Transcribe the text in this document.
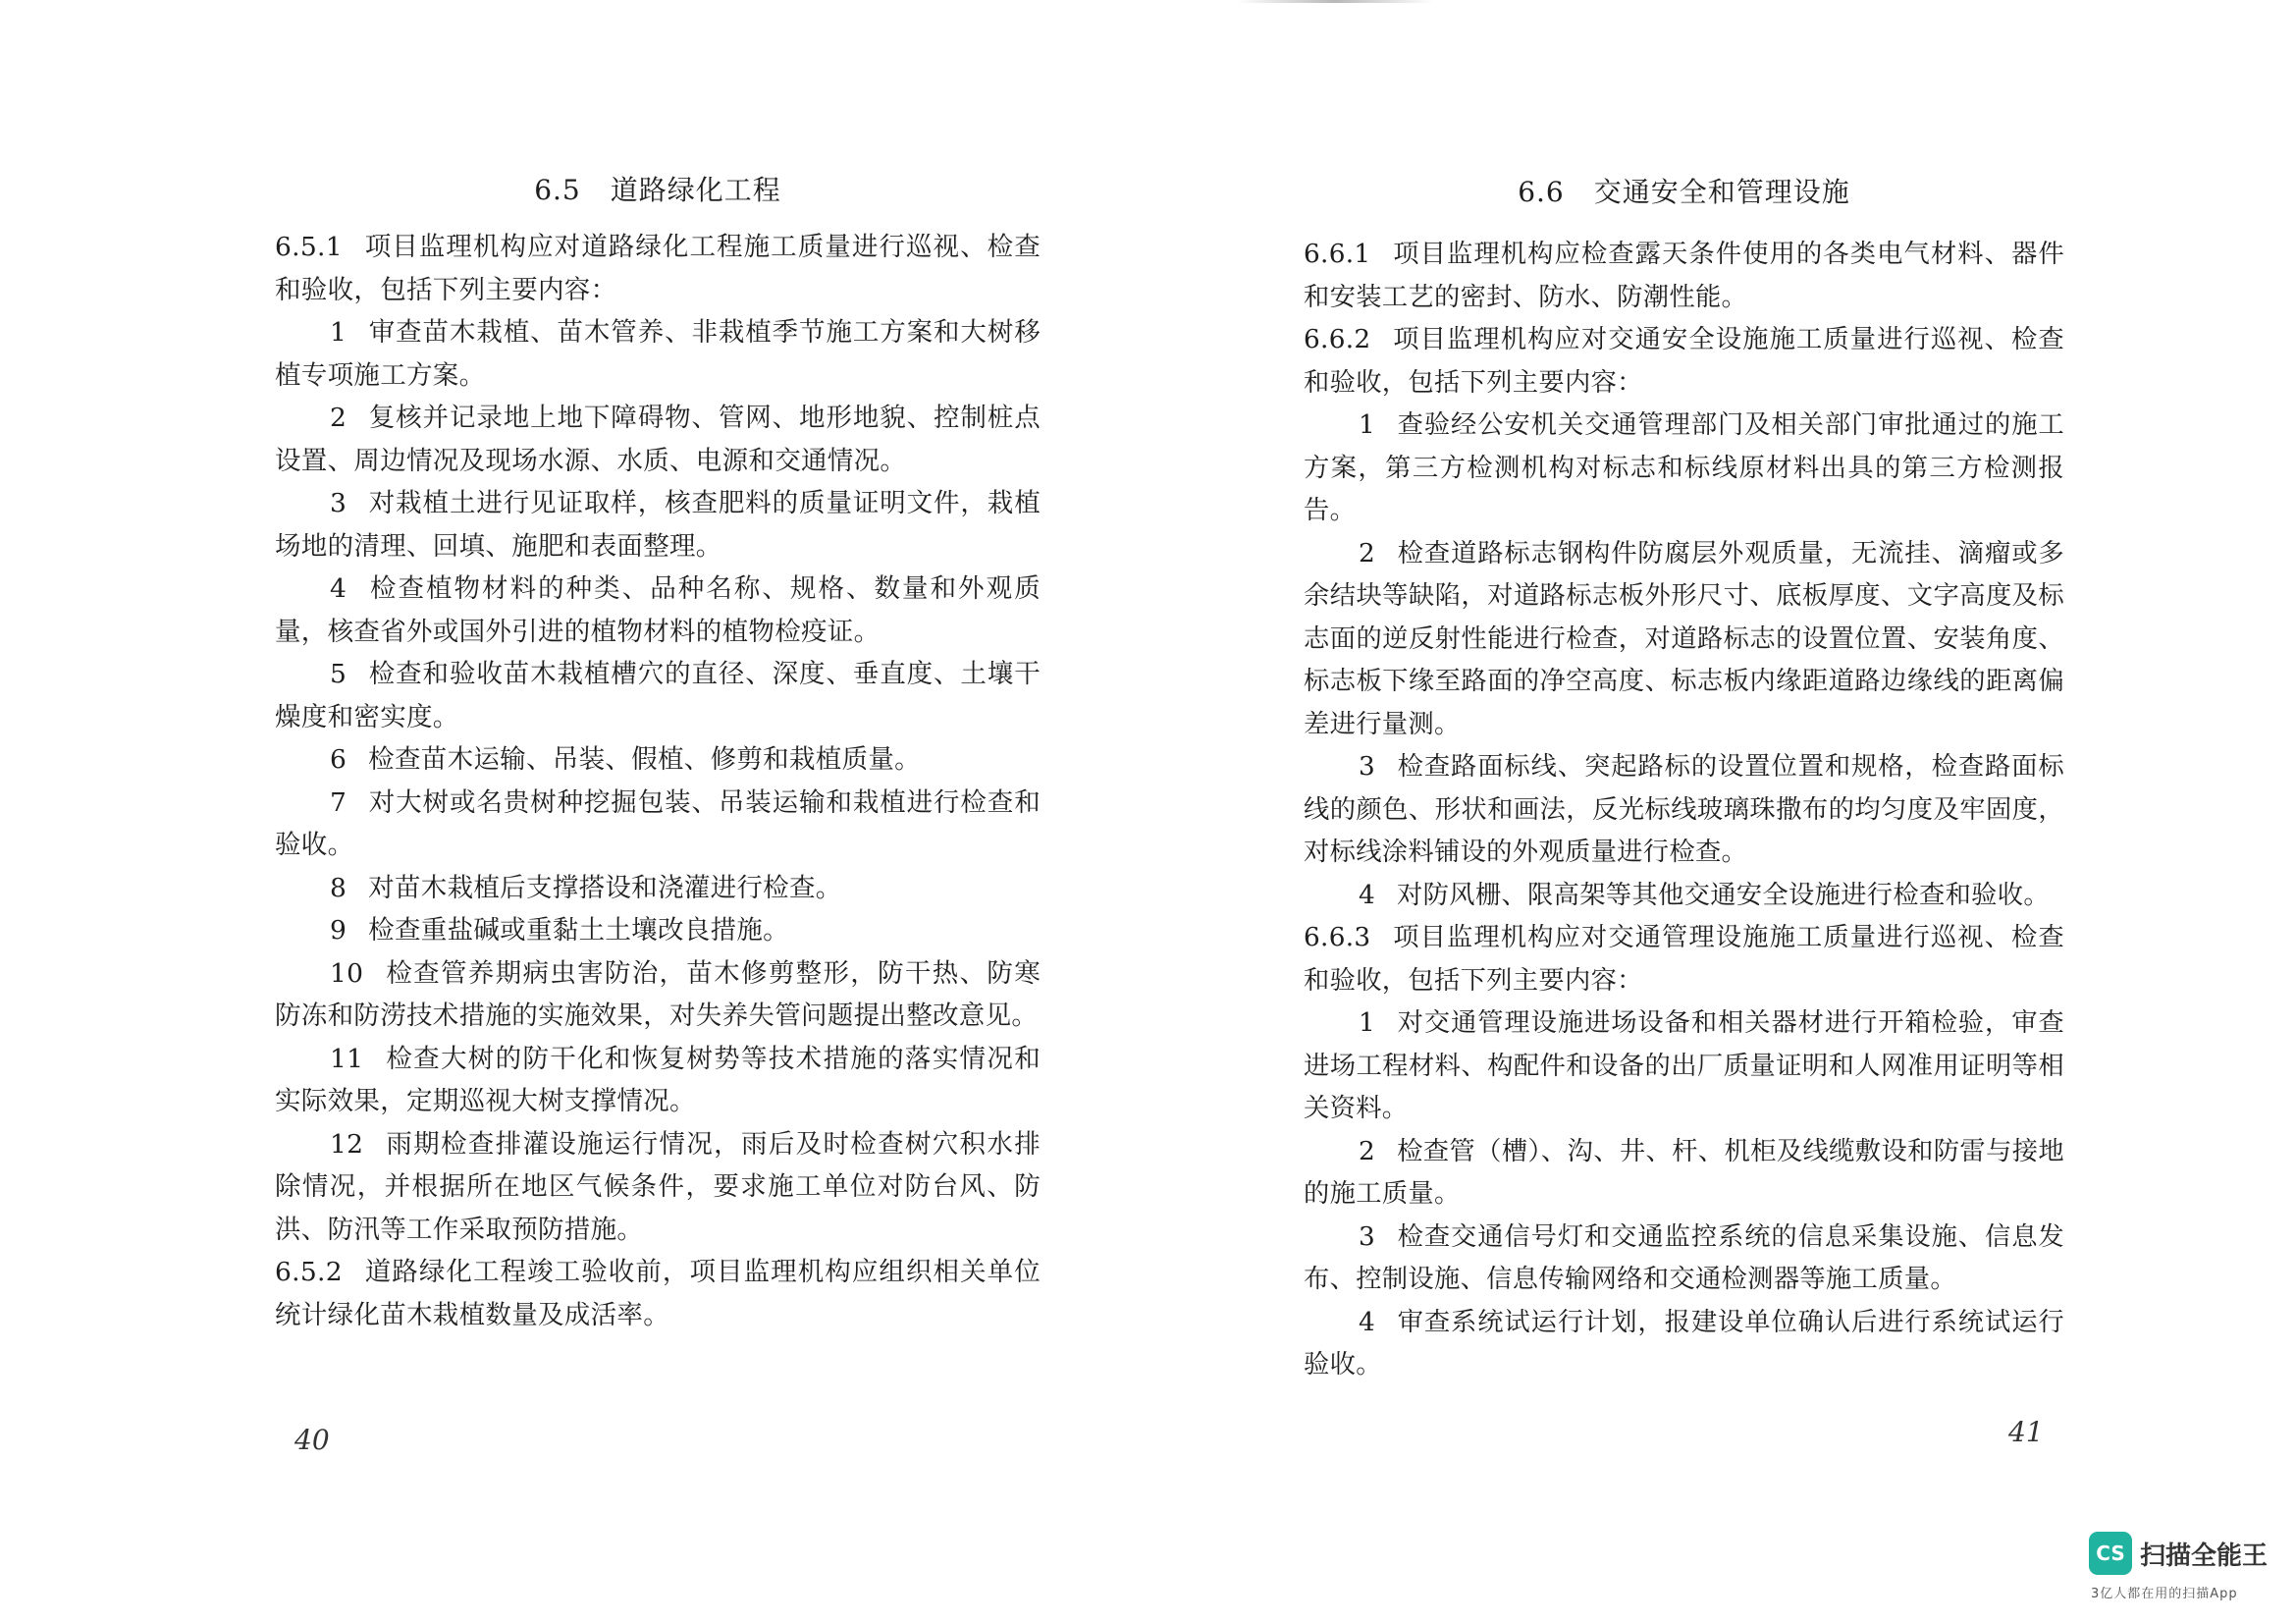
6.5 道路绿化工程

6.5.1 项目监理机构应对道路绿化工程施工质量进行巡视、检查和验收，包括下列主要内容：

1 审查苗木栽植、苗木管养、非栽植季节施工方案和大树移植专项施工方案。

2 复核并记录地上地下障碍物、管网、地形地貌、控制桩点设置、周边情况及现场水源、水质、电源和交通情况。

3 对栽植土进行见证取样，核查肥料的质量证明文件，栽植场地的清理、回填、施肥和表面整理。

4 检查植物材料的种类、品种名称、规格、数量和外观质量，核查省外或国外引进的植物材料的植物检疫证。

5 检查和验收苗木栽植槽穴的直径、深度、垂直度、土壤干燥度和密实度。

6 检查苗木运输、吊装、假植、修剪和栽植质量。

7 对大树或名贵树种挖掘包装、吊装运输和栽植进行检查和验收。

8 对苗木栽植后支撑搭设和浇灌进行检查。

9 检查重盐碱或重黏土土壤改良措施。

10 检查管养期病虫害防治，苗木修剪整形，防干热、防寒防冻和防涝技术措施的实施效果，对失养失管问题提出整改意见。

11 检查大树的防干化和恢复树势等技术措施的落实情况和实际效果，定期巡视大树支撑情况。

12 雨期检查排灌设施运行情况，雨后及时检查树穴积水排除情况，并根据所在地区气候条件，要求施工单位对防台风、防洪、防汛等工作采取预防措施。

6.5.2 道路绿化工程竣工验收前，项目监理机构应组织相关单位统计绿化苗木栽植数量及成活率。

40
6.6 交通安全和管理设施

6.6.1 项目监理机构应检查露天条件使用的各类电气材料、器件和安装工艺的密封、防水、防潮性能。

6.6.2 项目监理机构应对交通安全设施施工质量进行巡视、检查和验收，包括下列主要内容：

1 查验经公安机关交通管理部门及相关部门审批通过的施工方案，第三方检测机构对标志和标线原材料出具的第三方检测报告。

2 检查道路标志钢构件防腐层外观质量，无流挂、滴瘤或多余结块等缺陷，对道路标志板外形尺寸、底板厚度、文字高度及标志面的逆反射性能进行检查，对道路标志的设置位置、安装角度、标志板下缘至路面的净空高度、标志板内缘距道路边缘线的距离偏差进行量测。

3 检查路面标线、突起路标的设置位置和规格，检查路面标线的颜色、形状和画法，反光标线玻璃珠撒布的均匀度及牢固度，对标线涂料铺设的外观质量进行检查。

4 对防风栅、限高架等其他交通安全设施进行检查和验收。

6.6.3 项目监理机构应对交通管理设施施工质量进行巡视、检查和验收，包括下列主要内容：

1 对交通管理设施进场设备和相关器材进行开箱检验，审查进场工程材料、构配件和设备的出厂质量证明和人网准用证明等相关资料。

2 检查管（槽）、沟、井、杆、机柜及线缆敷设和防雷与接地的施工质量。

3 检查交通信号灯和交通监控系统的信息采集设施、信息发布、控制设施、信息传输网络和交通检测器等施工质量。

4 审查系统试运行计划，报建设单位确认后进行系统试运行验收。

41
CS 扫描全能王
3亿人都在用的扫描App
